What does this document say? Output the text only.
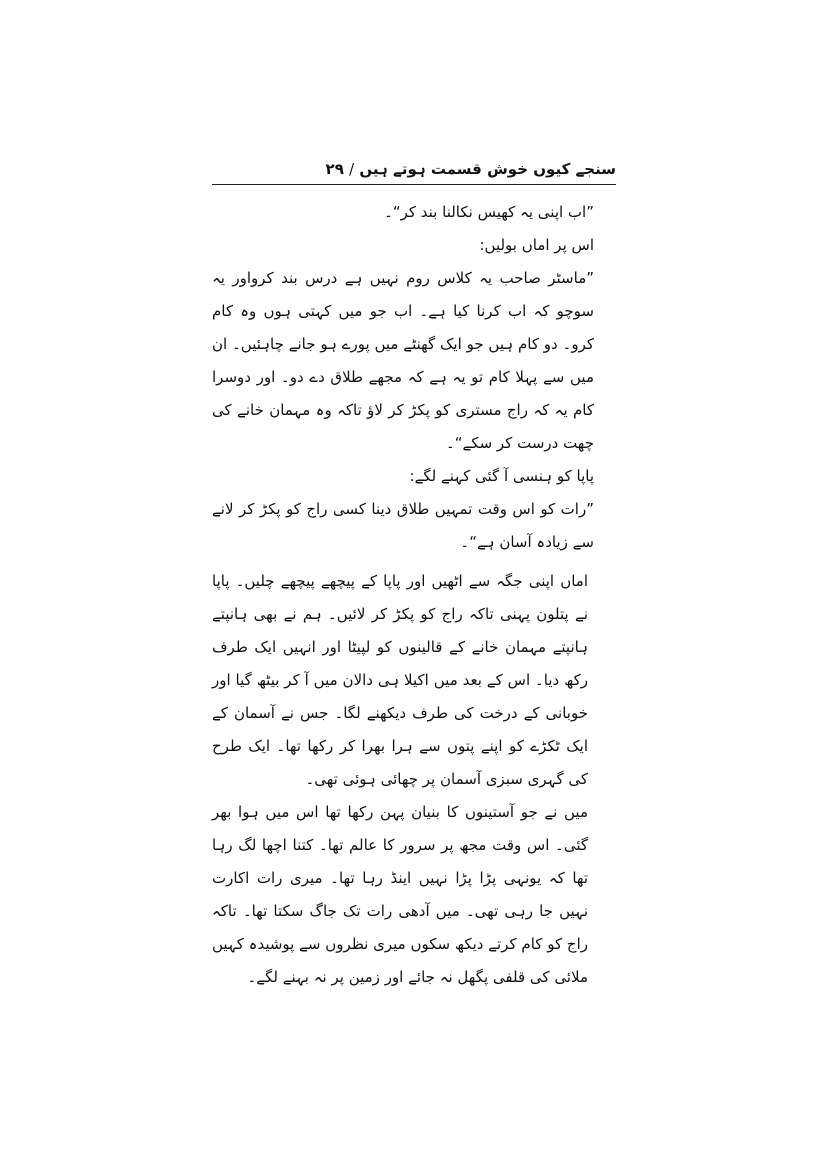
سنجے کیوں خوش قسمت ہوتے ہیں / ۲۹

”اب اپنی یہ کھیس نکالنا بند کر“۔

اس پر اماں بولیں:

”ماسٹر صاحب یہ کلاس روم نہیں ہے درس بند کرواور یہ سوچو کہ اب کرنا کیا ہے۔ اب جو میں کہتی ہوں وہ کام کرو۔ دو کام ہیں جو ایک گھنٹے میں پورے ہو جانے چاہئیں۔ ان میں سے پہلا کام تو یہ ہے کہ مجھے طلاق دے دو۔ اور دوسرا کام یہ کہ راج مستری کو پکڑ کر لاؤ تاکہ وہ مہمان خانے کی چھت درست کر سکے“۔

پاپا کو ہنسی آ گئی کہنے لگے:

”رات کو اس وقت تمہیں طلاق دینا کسی راج کو پکڑ کر لانے سے زیادہ آسان ہے“۔

اماں اپنی جگہ سے اٹھیں اور پاپا کے پیچھے پیچھے چلیں۔ پاپا نے پتلون پہنی تاکہ راج کو پکڑ کر لائیں۔ ہم نے بھی ہانپتے ہانپتے مہمان خانے کے قالینوں کو لپیٹا اور انہیں ایک طرف رکھ دیا۔ اس کے بعد میں اکیلا ہی دالان میں آ کر بیٹھ گیا اور خوبانی کے درخت کی طرف دیکھنے لگا۔ جس نے آسمان کے ایک ٹکڑے کو اپنے پتوں سے ہرا بھرا کر رکھا تھا۔ ایک طرح کی گہری سبزی آسمان پر چھائی ہوئی تھی۔

میں نے جو آستینوں کا بنیان پہن رکھا تھا اس میں ہوا بھر گئی۔ اس وقت مجھ پر سرور کا عالم تھا۔ کتنا اچھا لگ رہا تھا کہ یونہی پڑا پڑا نہیں اینڈ رہا تھا۔ میری رات اکارت نہیں جا رہی تھی۔ میں آدھی رات تک جاگ سکتا تھا۔ تاکہ راج کو کام کرتے دیکھ سکوں میری نظروں سے پوشیدہ کہیں ملائی کی قلفی پگھل نہ جائے اور زمین پر نہ بہنے لگے۔
